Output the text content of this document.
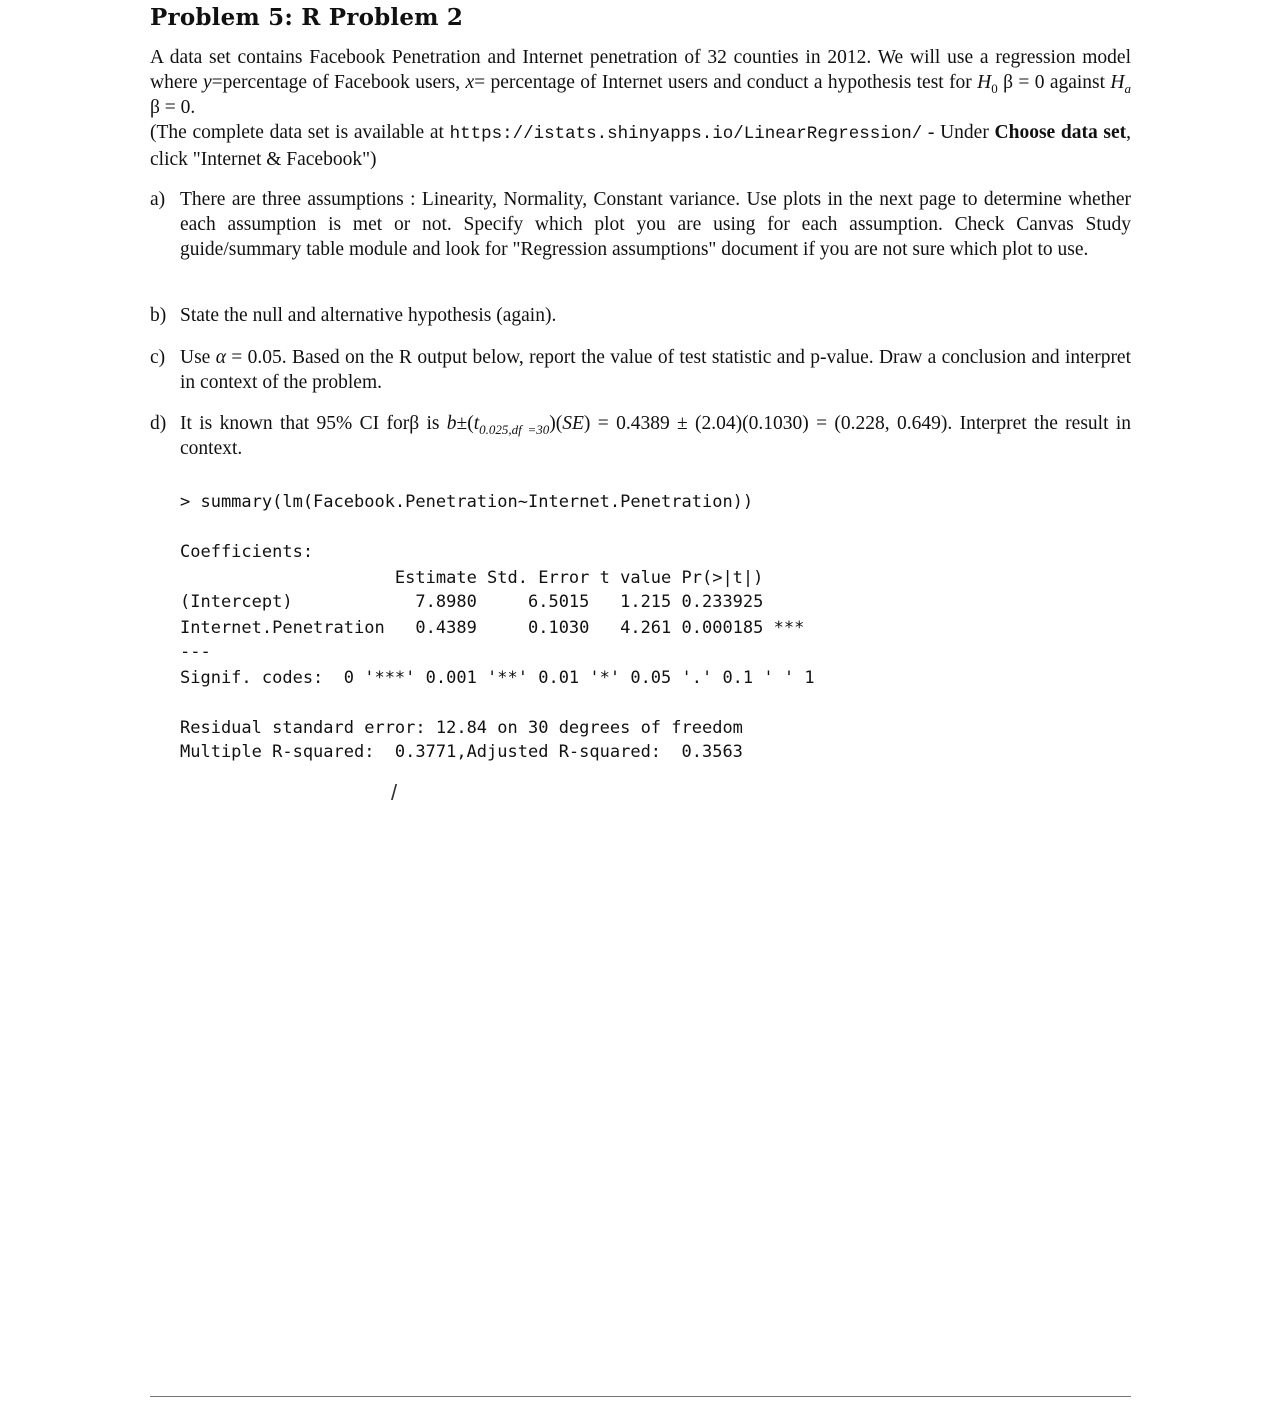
Problem 5: R Problem 2
A data set contains Facebook Penetration and Internet penetration of 32 counties in 2012. We will use a regression model where y=percentage of Facebook users, x= percentage of Internet users and conduct a hypothesis test for $H_0$ β = 0 against $H_a$ β = 0.
(The complete data set is available at https://istats.shinyapps.io/LinearRegression/ - Under Choose data set, click "Internet & Facebook")
a) There are three assumptions : Linearity, Normality, Constant variance. Use plots in the next page to determine whether each assumption is met or not. Specify which plot you are using for each assumption. Check Canvas Study guide/summary table module and look for "Regression assumptions" document if you are not sure which plot to use.
b) State the null and alternative hypothesis (again).
c) Use α = 0.05. Based on the R output below, report the value of test statistic and p-value. Draw a conclusion and interpret in context of the problem.
d) It is known that 95% CI forβ is $b\pm(t_{0.025,df =30})(SE) = 0.4389 \pm (2.04)(0.1030) = (0.228$, 0.649). Interpret the result in context.
> summary(lm(Facebook.Penetration~Internet.Penetration))
Coefficients:
Estimate Std. Error t value Pr(>|t|)
(Intercept)            7.8980     6.5015   1.215 0.233925
Internet.Penetration   0.4389     0.1030   4.261 0.000185 ***
---
Signif. codes:  0 '***' 0.001 '**' 0.01 '*' 0.05 '.' 0.1 ' ' 1
Residual standard error: 12.84 on 30 degrees of freedom
Multiple R-squared:  0.3771,Adjusted R-squared:  0.3563
/
